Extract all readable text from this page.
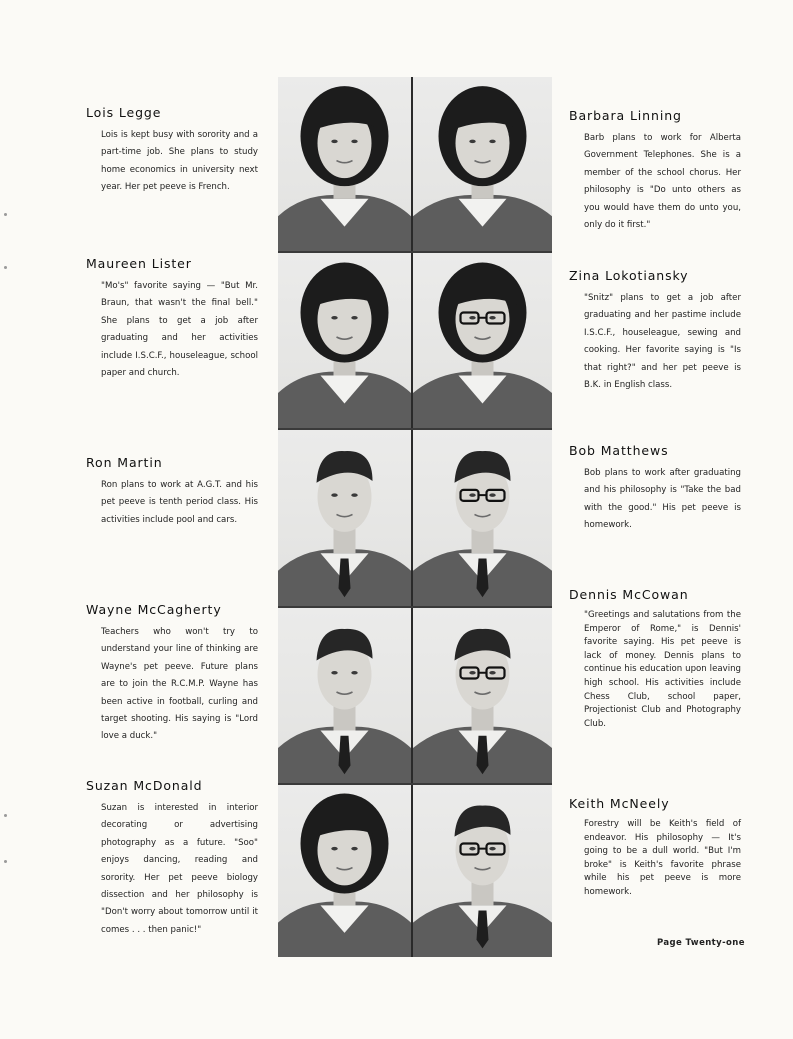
Lois Legge

Lois is kept busy with sorority and a part-time job. She plans to study home economics in university next year. Her pet peeve is French.

Maureen Lister

"Mo's" favorite saying — "But Mr. Braun, that wasn't the final bell." She plans to get a job after graduating and her activities include I.S.C.F., houseleague, school paper and church.

Ron Martin

Ron plans to work at A.G.T. and his pet peeve is tenth period class. His activities include pool and cars.

Wayne McCagherty

Teachers who won't try to understand your line of thinking are Wayne's pet peeve. Future plans are to join the R.C.M.P. Wayne has been active in football, curling and target shooting. His saying is "Lord love a duck."

Suzan McDonald

Suzan is interested in interior decorating or advertising photography as a future. "Soo" enjoys dancing, reading and sorority. Her pet peeve biology dissection and her philosophy is "Don't worry about tomorrow until it comes . . . then panic!"

Barbara Linning

Barb plans to work for Alberta Government Telephones. She is a member of the school chorus. Her philosophy is "Do unto others as you would have them do unto you, only do it first."

Zina Lokotiansky

"Snitz" plans to get a job after graduating and her pastime include I.S.C.F., houseleague, sewing and cooking. Her favorite saying is "Is that right?" and her pet peeve is B.K. in English class.

Bob Matthews

Bob plans to work after graduating and his philosophy is "Take the bad with the good." His pet peeve is homework.

Dennis McCowan

"Greetings and salutations from the Emperor of Rome," is Dennis' favorite saying. His pet peeve is lack of money. Dennis plans to continue his education upon leaving high school. His activities include Chess Club, school paper, Projectionist Club and Photography Club.

Keith McNeely

Forestry will be Keith's field of endeavor. His philosophy — It's going to be a dull world. "But I'm broke" is Keith's favorite phrase while his pet peeve is more homework.

Page Twenty-one
